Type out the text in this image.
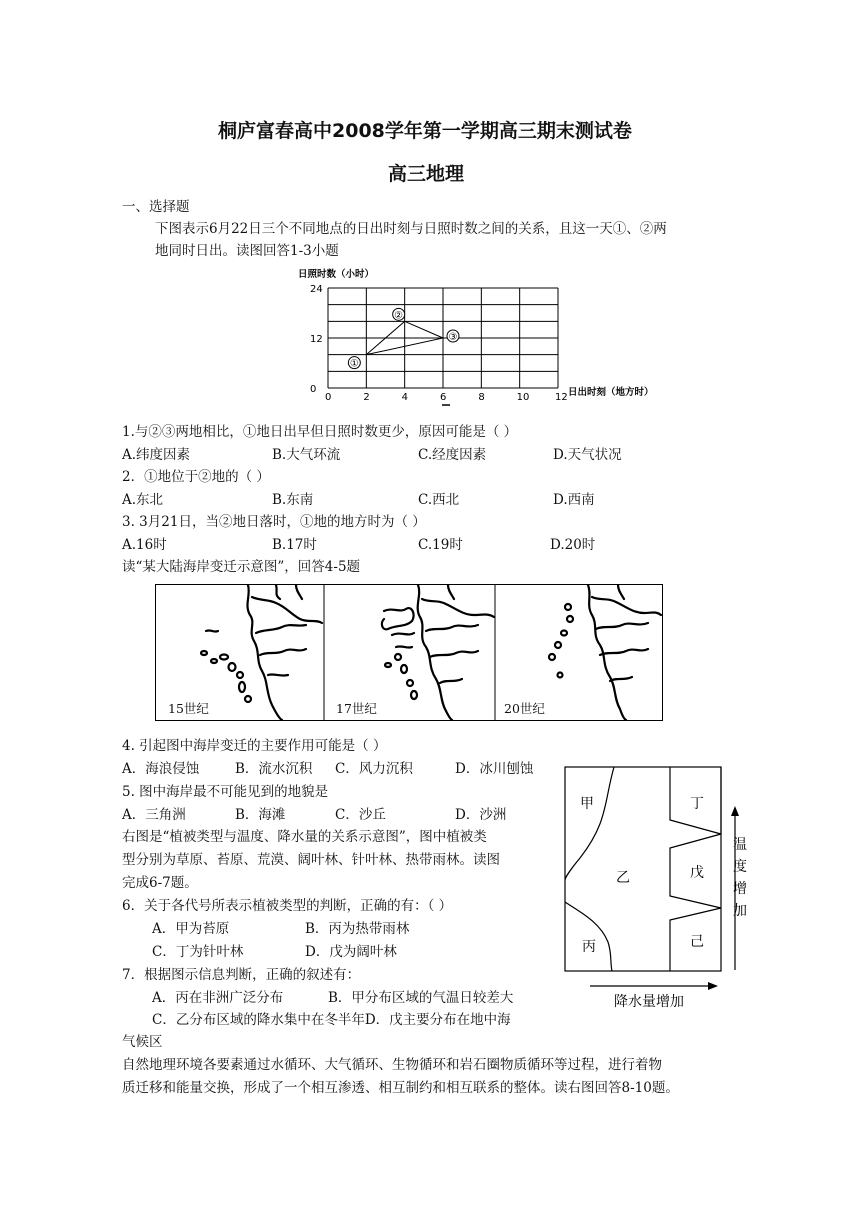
桐庐富春高中2008学年第一学期高三期末测试卷
高三地理
一、选择题
下图表示6月22日三个不同地点的日出时刻与日照时数之间的关系，且这一天①、②两
地同时日出。读图回答1-3小题
日照时数（小时）
日出时刻（地方时）
0
12
24
0	2	4	6	8	10	12
①
②
③
1.与②③两地相比，①地日出早但日照时数更少，原因可能是（ ）
A.纬度因素	B.大气环流	C.经度因素	D.天气状况
2．①地位于②地的（ ）
A.东北	B.东南	C.西北	D.西南
3. 3月21日，当②地日落时，①地的地方时为（ ）
A.16时	B.17时	C.19时	D.20时
读“某大陆海岸变迁示意图”，回答4-5题
15世纪	17世纪	20世纪
4. 引起图中海岸变迁的主要作用可能是（ ）
A．海浪侵蚀	B．流水沉积 C．风力沉积	D．冰川刨蚀
5. 图中海岸最不可能见到的地貌是
A．三角洲	B．海滩	C．沙丘	D．沙洲
右图是“植被类型与温度、降水量的关系示意图”，图中植被类
型分别为草原、苔原、荒漠、阔叶林、针叶林、热带雨林。读图
完成6-7题。
6．关于各代号所表示植被类型的判断，正确的有：（ ）
A．甲为苔原	B．丙为热带雨林
C．丁为针叶林	D．戊为阔叶林
7．根据图示信息判断，正确的叙述有：
A．丙在非洲广泛分布	B．甲分布区域的气温日较差大
C．乙分布区域的降水集中在冬半年D．戊主要分布在地中海
气候区
甲
乙
丙
丁
戊
己
温
度
增
加
降水量增加
自然地理环境各要素通过水循环、大气循环、生物循环和岩石圈物质循环等过程，进行着物
质迁移和能量交换，形成了一个相互渗透、相互制约和相互联系的整体。读右图回答8-10题。
